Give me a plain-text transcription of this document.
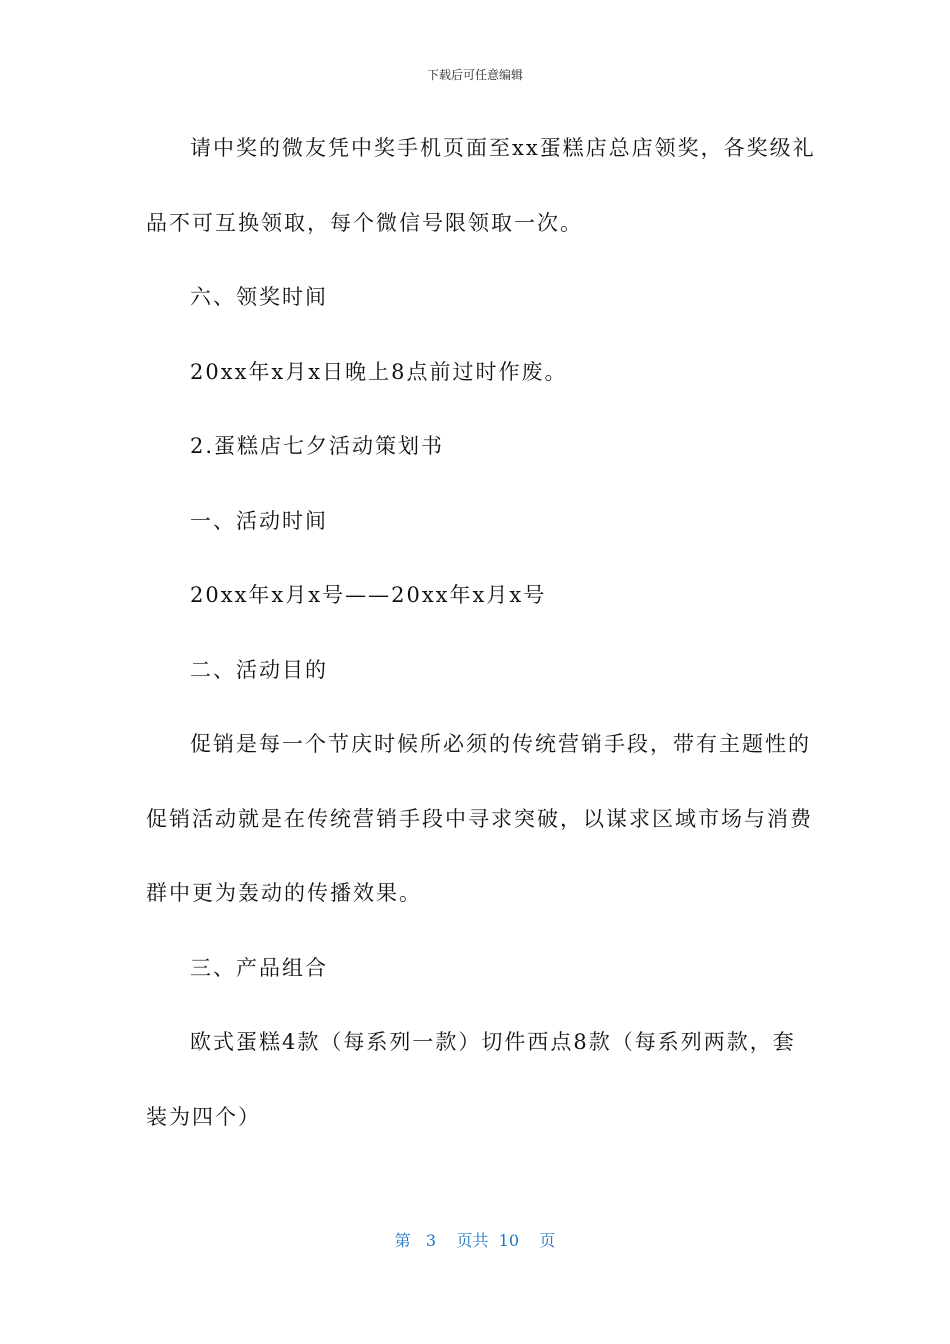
下载后可任意编辑
请中奖的微友凭中奖手机页面至xx蛋糕店总店领奖，各奖级礼
品不可互换领取，每个微信号限领取一次。
六、领奖时间
20xx年x月x日晚上8点前过时作废。
2.蛋糕店七夕活动策划书
一、活动时间
20xx年x月x号——20xx年x月x号
二、活动目的
促销是每一个节庆时候所必须的传统营销手段，带有主题性的
促销活动就是在传统营销手段中寻求突破，以谋求区域市场与消费
群中更为轰动的传播效果。
三、产品组合
欧式蛋糕4款（每系列一款）切件西点8款（每系列两款，套
装为四个）
第 3 页共 10 页
